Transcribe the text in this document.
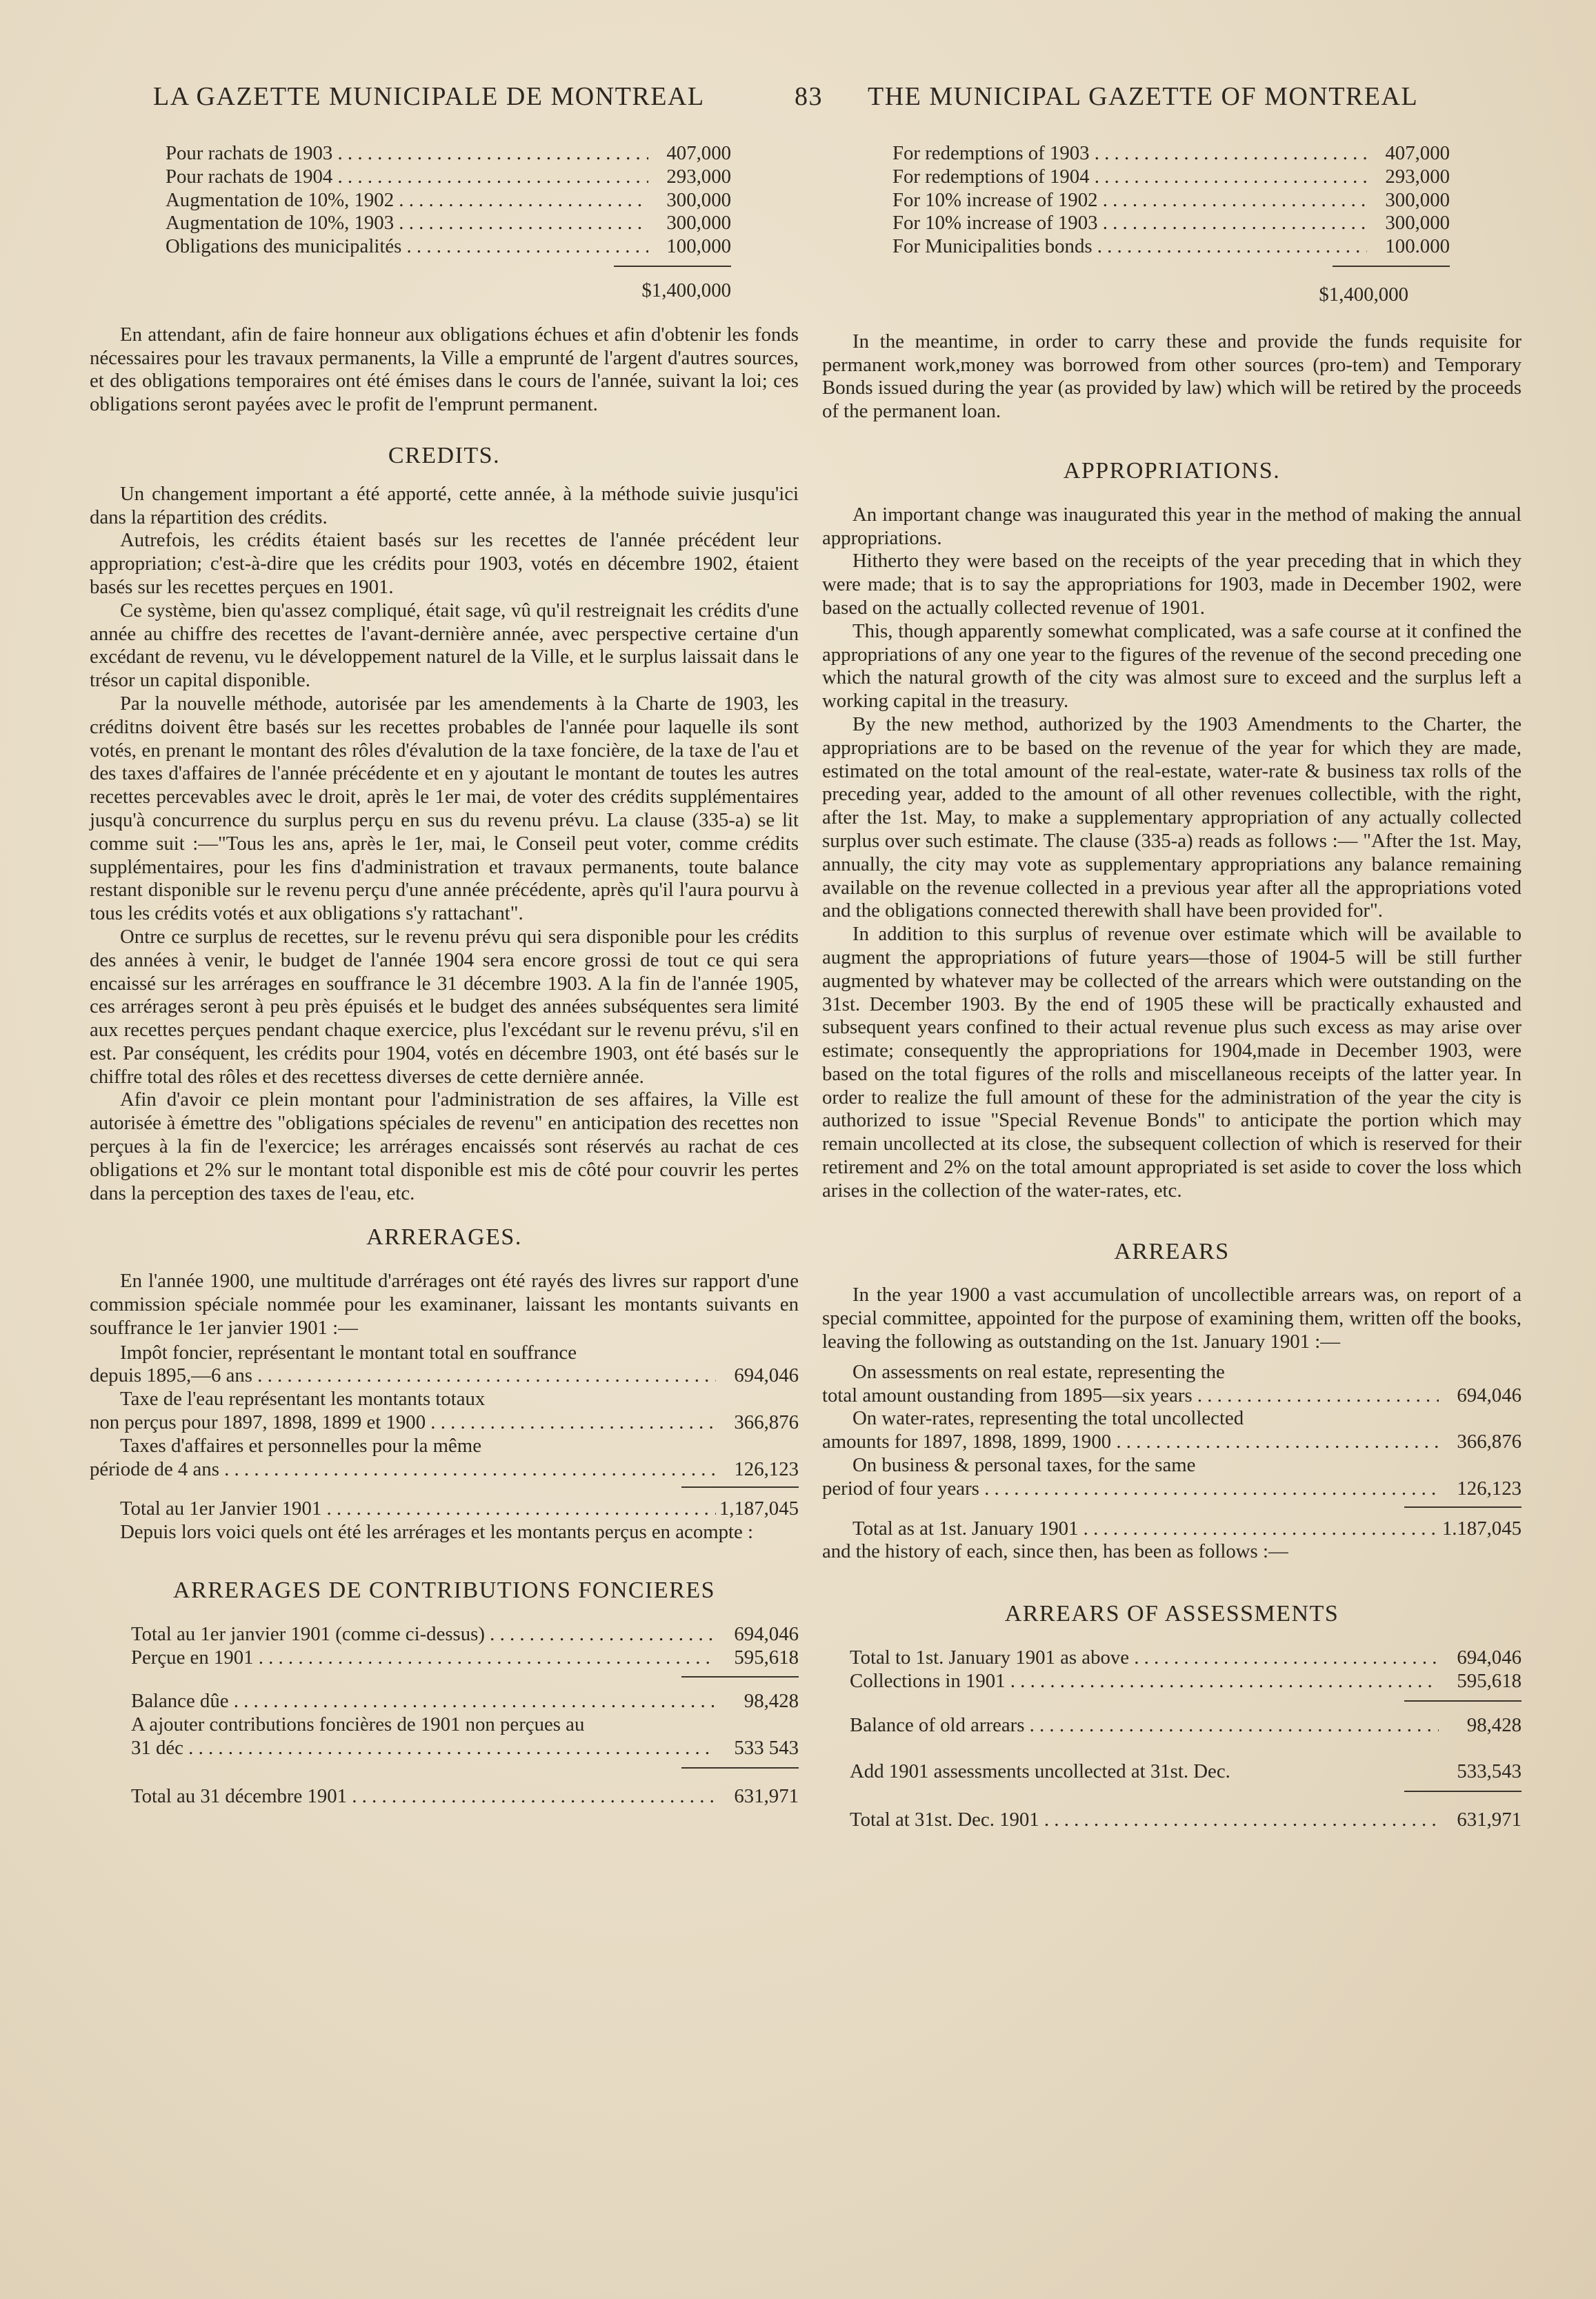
LA GAZETTE MUNICIPALE DE MONTREAL	83 THE MUNICIPAL GAZETTE OF MONTREAL
Pour rachats de 1903 . . .	407,000
Pour rachats de 1904 . . .	293,000
Augmentation de 10%, 1902 . . .	300,000
Augmentation de 10%, 1903 . . .	300,000
Obligations des municipalités . . .	100,000
$1,400,000

En attendant, afin de faire honneur aux obligations échues et afin d'obtenir les fonds nécessaires pour les travaux permanents, la Ville a emprunté de l'argent d'autres sources, et des obligations temporaires ont été émises dans le cours de l'année, suivant la loi; ces obligations seront payées avec le profit de l'emprunt permanent.

CREDITS.

Un changement important a été apporté, cette année, à la méthode suivie jusqu'ici dans la répartition des crédits.

Autrefois, les crédits étaient basés sur les recettes de l'année précédent leur appropriation; c'est-à-dire que les crédits pour 1903, votés en décembre 1902, étaient basés sur les recettes perçues en 1901.

Ce système, bien qu'assez compliqué, était sage, vû qu'il restreignait les crédits d'une année au chiffre des recettes de l'avant-dernière année, avec perspective certaine d'un excédant de revenu, vu le développement naturel de la Ville, et le surplus laissait dans le trésor un capital disponible.

Par la nouvelle méthode, autorisée par les amendements à la Charte de 1903, les créditns doivent être basés sur les recettes probables de l'année pour laquelle ils sont votés, en prenant le montant des rôles d'évalution de la taxe foncière, de la taxe de l'au et des taxes d'affaires de l'année précédente et en y ajoutant le montant de toutes les autres recettes percevables avec le droit, après le 1er mai, de voter des crédits supplémentaires jusqu'à concurrence du surplus perçu en sus du revenu prévu. La clause (335-a) se lit comme suit :—"Tous les ans, après le 1er, mai, le Conseil peut voter, comme crédits supplémentaires, pour les fins d'administration et travaux permanents, toute balance restant disponible sur le revenu perçu d'une année précédente, après qu'il l'aura pourvu à tous les crédits votés et aux obligations s'y rattachant".

Ontre ce surplus de recettes, sur le revenu prévu qui sera disponible pour les crédits des années à venir, le budget de l'année 1904 sera encore grossi de tout ce qui sera encaissé sur les arrérages en souffrance le 31 décembre 1903. A la fin de l'année 1905, ces arrérages seront à peu près épuisés et le budget des années subséquentes sera limité aux recettes perçues pendant chaque exercice, plus l'excédant sur le revenu prévu, s'il en est. Par conséquent, les crédits pour 1904, votés en décembre 1903, ont été basés sur le chiffre total des rôles et des recettess diverses de cette dernière année.

Afin d'avoir ce plein montant pour l'administration de ses affaires, la Ville est autorisée à émettre des "obligations spéciales de revenu" en anticipation des recettes non perçues à la fin de l'exercice; les arrérages encaissés sont réservés au rachat de ces obligations et 2% sur le montant total disponible est mis de côté pour couvrir les pertes dans la perception des taxes de l'eau, etc.

ARRERAGES.

En l'année 1900, une multitude d'arrérages ont été rayés des livres sur rapport d'une commission spéciale nommée pour les examinaner, laissant les montants suivants en souffrance le 1er janvier 1901 :—

Impôt foncier, représentant le montant total en souffrance
depuis 1895,—6 ans . . .	694,046
Taxe de l'eau représentant les montants totaux
non perçus pour 1897, 1898, 1899 et 1900 . . .	366,876
Taxes d'affaires et personnelles pour la même
période de 4 ans . . .	126,123
Total au 1er Janvier 1901 . . .	1,187,045
Depuis lors voici quels ont été les arrérages et les montants perçus en acompte :
ARRERAGES DE CONTRIBUTIONS FONCIERES
Total au 1er janvier 1901 (comme ci-dessus) . . .	694,046
Perçue en 1901 . . .	595,618
Balance dûe . . .	98,428
A ajouter contributions foncières de 1901 non perçues au
31 déc . . .	533 543
Total au 31 décembre 1901 . . .	631,971
For redemptions of 1903 . . .	407,000
For redemptions of 1904 . . .	293,000
For 10% increase of 1902 . . .	300,000
For 10% increase of 1903 . . .	300,000
For Municipalities bonds . . .	100.000
$1,400,000

In the meantime, in order to carry these and provide the funds requisite for permanent work,money was borrowed from other sources (pro-tem) and Temporary Bonds issued during the year (as provided by law) which will be retired by the proceeds of the permanent loan.

APPROPRIATIONS.

An important change was inaugurated this year in the method of making the annual appropriations.

Hitherto they were based on the receipts of the year preceding that in which they were made; that is to say the appropriations for 1903, made in December 1902, were based on the actually collected revenue of 1901.

This, though apparently somewhat complicated, was a safe course at it confined the appropriations of any one year to the figures of the revenue of the second preceding one which the natural growth of the city was almost sure to exceed and the surplus left a working capital in the treasury.

By the new method, authorized by the 1903 Amendments to the Charter, the appropriations are to be based on the revenue of the year for which they are made, estimated on the total amount of the real-estate, water-rate & business tax rolls of the preceding year, added to the amount of all other revenues collectible, with the right, after the 1st. May, to make a supplementary appropriation of any actually collected surplus over such estimate. The clause (335-a) reads as follows :— "After the 1st. May, annually, the city may vote as supplementary appropriations any balance remaining available on the revenue collected in a previous year after all the appropriations voted and the obligations connected therewith shall have been provided for".

In addition to this surplus of revenue over estimate which will be available to augment the appropriations of future years—those of 1904-5 will be still further augmented by whatever may be collected of the arrears which were outstanding on the 31st. December 1903. By the end of 1905 these will be practically exhausted and subsequent years confined to their actual revenue plus such excess as may arise over estimate; consequently the appropriations for 1904,made in December 1903, were based on the total figures of the rolls and miscellaneous receipts of the latter year. In order to realize the full amount of these for the administration of the year the city is authorized to issue "Special Revenue Bonds" to anticipate the portion which may remain uncollected at its close, the subsequent collection of which is reserved for their retirement and 2% on the total amount appropriated is set aside to cover the loss which arises in the collection of the water-rates, etc.

ARREARS

In the year 1900 a vast accumulation of uncollectible arrears was, on report of a special committee, appointed for the purpose of examining them, written off the books, leaving the following as outstanding on the 1st. January 1901 :—

On assessments on real estate, representing the
total amount oustanding from 1895—six years . . .	694,046
On water-rates, representing the total uncollected
amounts for 1897, 1898, 1899, 1900 . . .	366,876
On business & personal taxes, for the same
period of four years . . .	126,123
Total as at 1st. January 1901 . . .	1.187,045
and the history of each, since then, has been as follows :—
ARREARS OF ASSESSMENTS
Total to 1st. January 1901 as above . . .	694,046
Collections in 1901 . . .	595,618
Balance of old arrears . . .	98,428
Add 1901 assessments uncollected at 31st. Dec.	533,543
Total at 31st. Dec. 1901 . . .	631,971
